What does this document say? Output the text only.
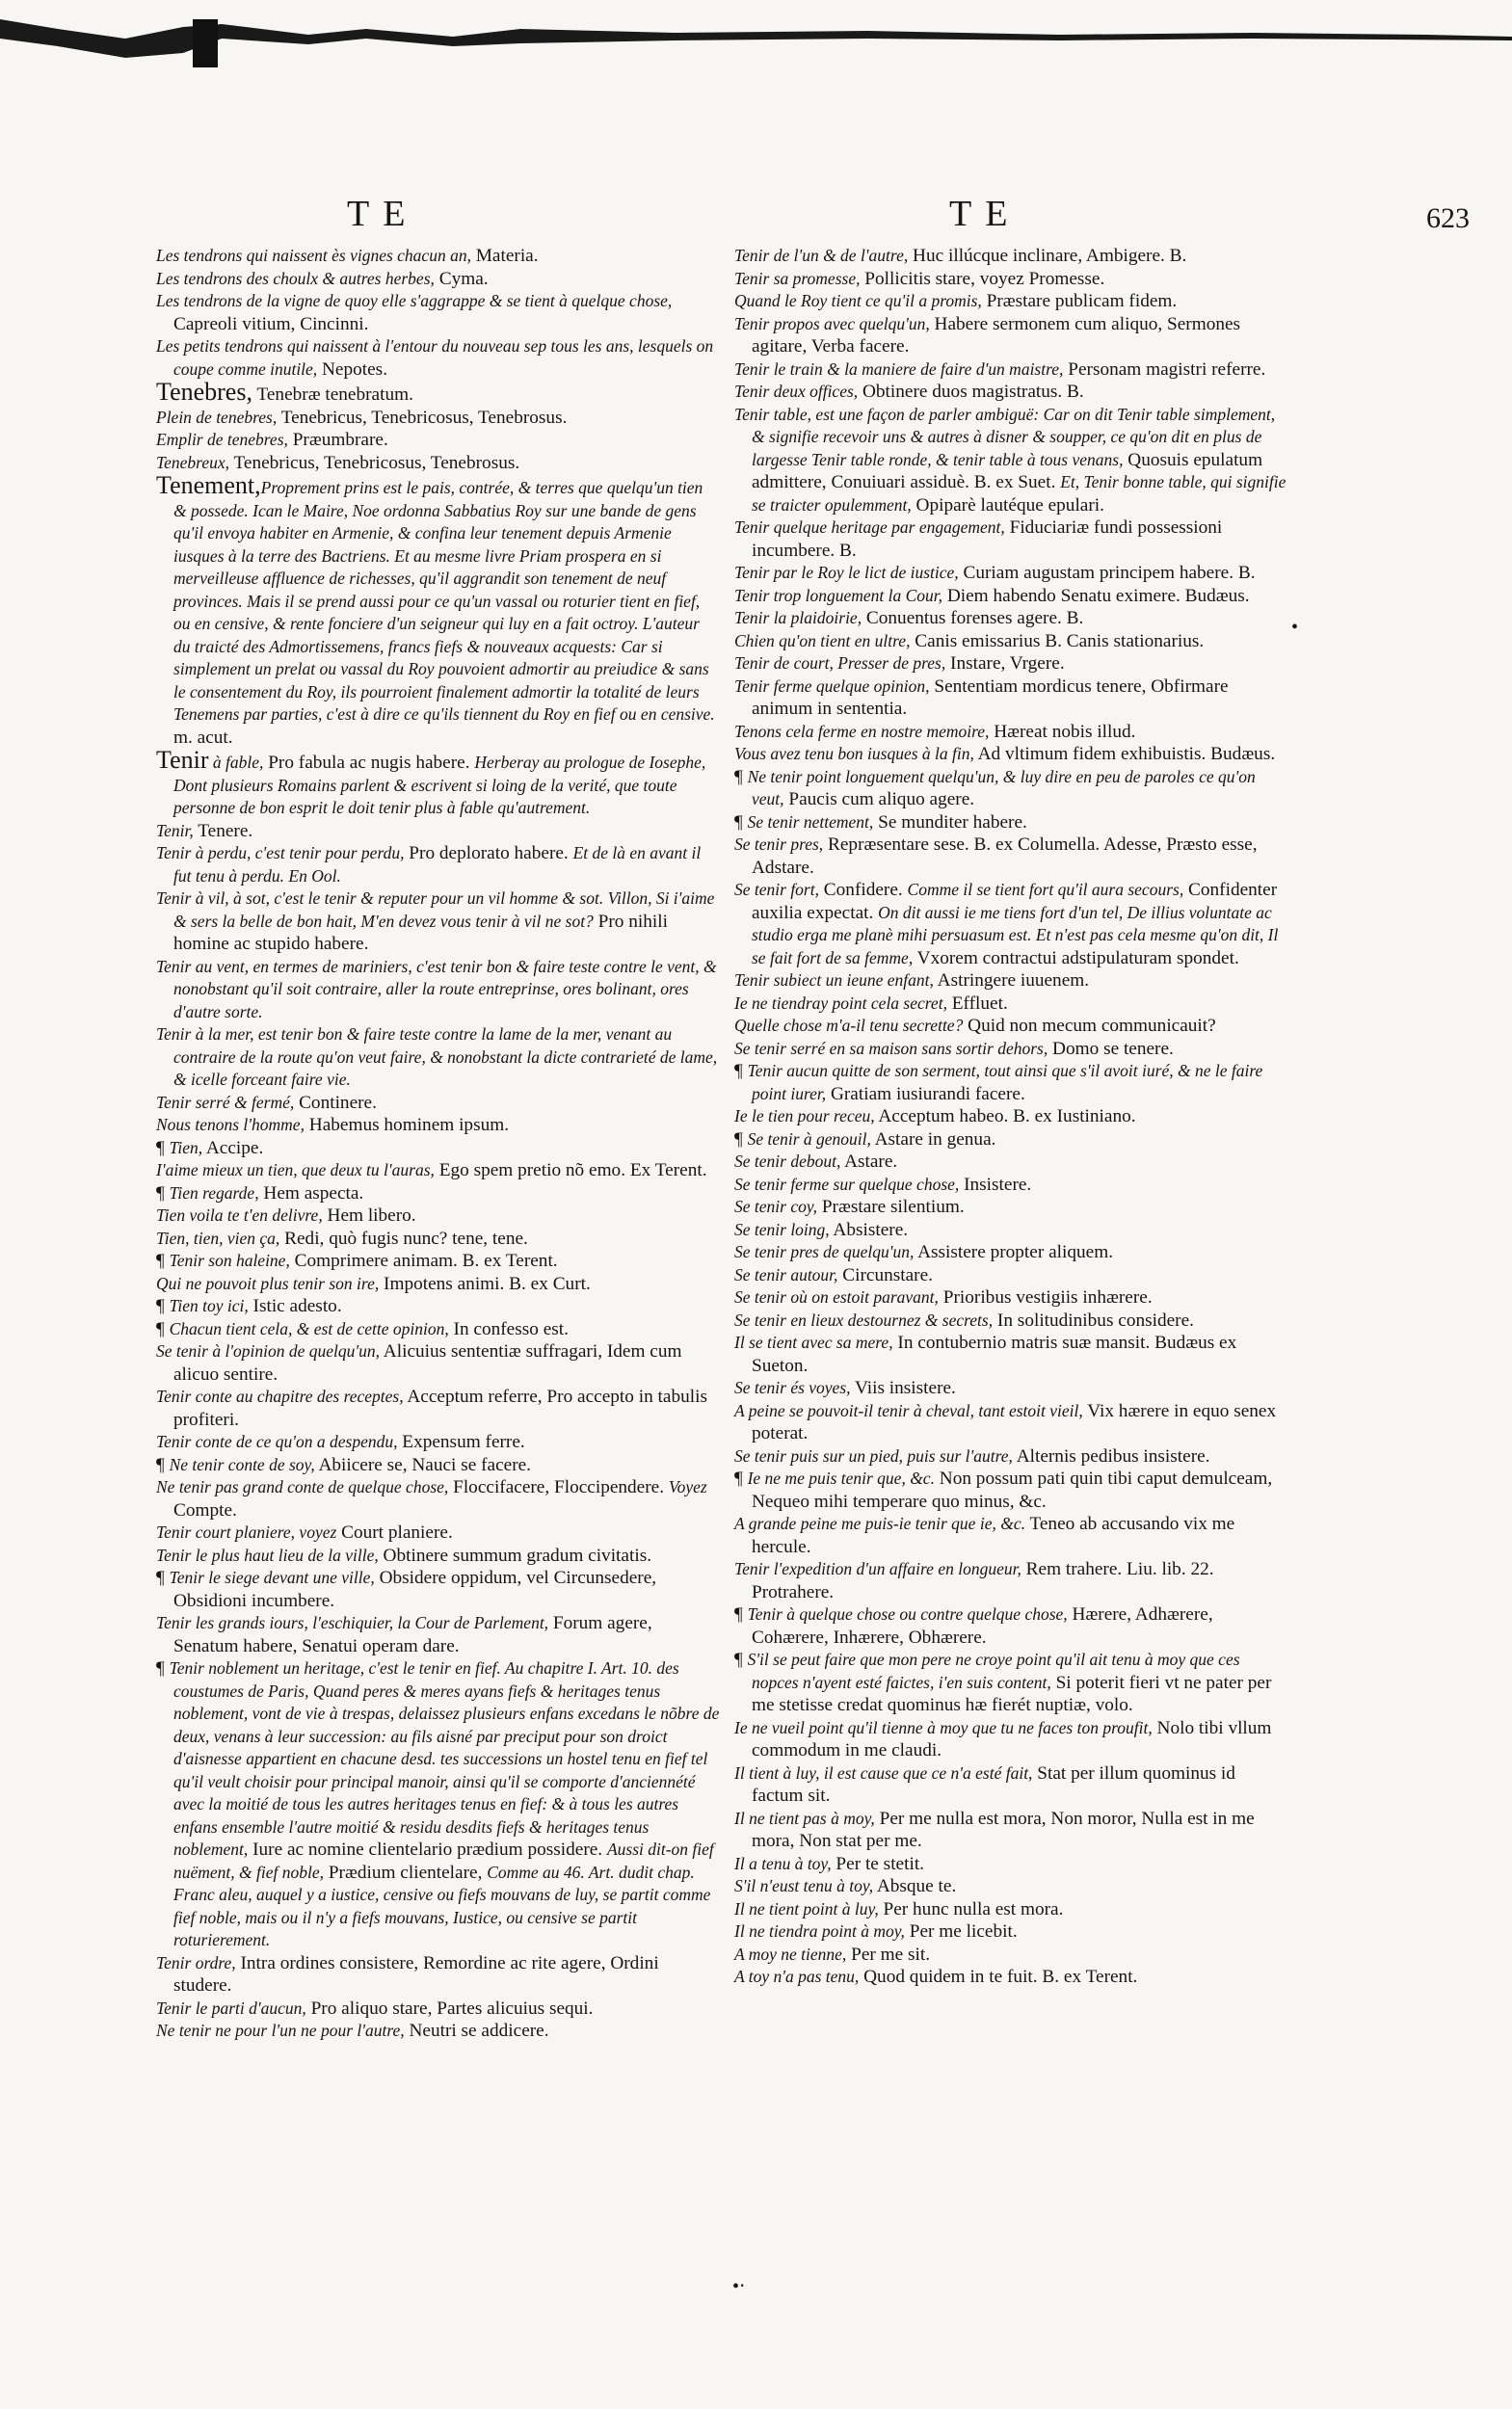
TE	TE	623

Les tendrons qui naissent ès vignes chacun an, Materia.

Les tendrons des choulx & autres herbes, Cyma.

Les tendrons de la vigne de quoy elle s'aggrappe & se tient à quelque chose, Capreoli vitium, Cincinni.

Les petits tendrons qui naissent à l'entour du nouveau sep tous les ans, lesquels on coupe comme inutile, Nepotes.

Tenebres, Tenebræ tenebratum.

Plein de tenebres, Tenebricus, Tenebricosus, Tenebrosus.

Emplir de tenebres, Præumbrare.

Tenebreux, Tenebricus, Tenebricosus, Tenebrosus.

Tenement,Proprement prins est le pais, contrée, & terres que quelqu'un tien & possede. Ican le Maire, Noe ordonna Sabbatius Roy sur une bande de gens qu'il envoya habiter en Armenie, & confina leur tenement depuis Armenie iusques à la terre des Bactriens. Et au mesme livre Priam prospera en si merveilleuse affluence de richesses, qu'il aggrandit son tenement de neuf provinces. Mais il se prend aussi pour ce qu'un vassal ou roturier tient en fief, ou en censive, & rente fonciere d'un seigneur qui luy en a fait octroy. L'auteur du traicté des Admortissemens, francs fiefs & nouveaux acquests: Car si simplement un prelat ou vassal du Roy pouvoient admortir au preiudice & sans le consentement du Roy, ils pourroient finalement admortir la totalité de leurs Tenemens par parties, c'est à dire ce qu'ils tiennent du Roy en fief ou en censive. m. acut.

Tenir à fable, Pro fabula ac nugis habere. Herberay au prologue de Iosephe, Dont plusieurs Romains parlent & escrivent si loing de la verité, que toute personne de bon esprit le doit tenir plus à fable qu'autrement.

Tenir, Tenere.

Tenir à perdu, c'est tenir pour perdu, Pro deplorato habere. Et de là en avant il fut tenu à perdu. En Ool.

Tenir à vil, à sot, c'est le tenir & reputer pour un vil homme & sot. Villon, Si i'aime & sers la belle de bon hait, M'en devez vous tenir à vil ne sot? Pro nihili homine ac stupido habere.

Tenir au vent, en termes de mariniers, c'est tenir bon & faire teste contre le vent, & nonobstant qu'il soit contraire, aller la route entreprinse, ores bolinant, ores d'autre sorte.

Tenir à la mer, est tenir bon & faire teste contre la lame de la mer, venant au contraire de la route qu'on veut faire, & nonobstant la dicte contrarieté de lame, & icelle forceant faire vie.

Tenir serré & fermé, Continere.

Nous tenons l'homme, Habemus hominem ipsum.

¶ Tien, Accipe.

I'aime mieux un tien, que deux tu l'auras, Ego spem pretio nõ emo. Ex Terent.

¶ Tien regarde, Hem aspecta.

Tien voila te t'en delivre, Hem libero.

Tien, tien, vien ça, Redi, quò fugis nunc? tene, tene.

¶ Tenir son haleine, Comprimere animam. B. ex Terent.

Qui ne pouvoit plus tenir son ire, Impotens animi. B. ex Curt.

¶ Tien toy ici, Istic adesto.

¶ Chacun tient cela, & est de cette opinion, In confesso est.

Se tenir à l'opinion de quelqu'un, Alicuius sententiæ suffragari, Idem cum alicuo sentire.

Tenir conte au chapitre des receptes, Acceptum referre, Pro accepto in tabulis profiteri.

Tenir conte de ce qu'on a despendu, Expensum ferre.

¶ Ne tenir conte de soy, Abiicere se, Nauci se facere.

Ne tenir pas grand conte de quelque chose, Floccifacere, Floccipendere. Voyez Compte.

Tenir court planiere, voyez Court planiere.

Tenir le plus haut lieu de la ville, Obtinere summum gradum civitatis.

¶ Tenir le siege devant une ville, Obsidere oppidum, vel Circunsedere, Obsidioni incumbere.

Tenir les grands iours, l'eschiquier, la Cour de Parlement, Forum agere, Senatum habere, Senatui operam dare.

¶ Tenir noblement un heritage, c'est le tenir en fief. Au chapitre I. Art. 10. des coustumes de Paris, Quand peres & meres ayans fiefs & heritages tenus noblement, vont de vie à trespas, delaissez plusieurs enfans excedans le nõbre de deux, venans à leur succession: au fils aisné par preciput pour son droict d'aisnesse appartient en chacune desd. tes successions un hostel tenu en fief tel qu'il veult choisir pour principal manoir, ainsi qu'il se comporte d'anciennété avec la moitié de tous les autres heritages tenus en fief: & à tous les autres enfans ensemble l'autre moitié & residu desdits fiefs & heritages tenus noblement, Iure ac nomine clientelario prædium possidere. Aussi dit-on fief nuëment, & fief noble, Prædium clientelare, Comme au 46. Art. dudit chap. Franc aleu, auquel y a iustice, censive ou fiefs mouvans de luy, se partit comme fief noble, mais ou il n'y a fiefs mouvans, Iustice, ou censive se partit roturierement.

Tenir ordre, Intra ordines consistere, Remordine ac rite agere, Ordini studere.

Tenir le parti d'aucun, Pro aliquo stare, Partes alicuius sequi.

Ne tenir ne pour l'un ne pour l'autre, Neutri se addicere.

Tenir de l'un & de l'autre, Huc illúcque inclinare, Ambigere. B.

Tenir sa promesse, Pollicitis stare, voyez Promesse.

Quand le Roy tient ce qu'il a promis, Præstare publicam fidem.

Tenir propos avec quelqu'un, Habere sermonem cum aliquo, Sermones agitare, Verba facere.

Tenir le train & la maniere de faire d'un maistre, Personam magistri referre.

Tenir deux offices, Obtinere duos magistratus. B.

Tenir table, est une façon de parler ambiguë: Car on dit Tenir table simplement, & signifie recevoir uns & autres à disner & soupper, ce qu'on dit en plus de largesse Tenir table ronde, & tenir table à tous venans, Quosuis epulatum admittere, Conuiuari assiduè. B. ex Suet. Et, Tenir bonne table, qui signifie se traicter opulemment, Opiparè lautéque epulari.

Tenir quelque heritage par engagement, Fiduciariæ fundi possessioni incumbere. B.

Tenir par le Roy le lict de iustice, Curiam augustam principem habere. B.

Tenir trop longuement la Cour, Diem habendo Senatu eximere. Budæus.

Tenir la plaidoirie, Conuentus forenses agere. B.

Chien qu'on tient en ultre, Canis emissarius B. Canis stationarius.

Tenir de court, Presser de pres, Instare, Vrgere.

Tenir ferme quelque opinion, Sententiam mordicus tenere, Obfirmare animum in sententia.

Tenons cela ferme en nostre memoire, Hæreat nobis illud.

Vous avez tenu bon iusques à la fin, Ad vltimum fidem exhibuistis. Budæus.

¶ Ne tenir point longuement quelqu'un, & luy dire en peu de paroles ce qu'on veut, Paucis cum aliquo agere.

¶ Se tenir nettement, Se munditer habere.

Se tenir pres, Repræsentare sese. B. ex Columella. Adesse, Præsto esse, Adstare.

Se tenir fort, Confidere. Comme il se tient fort qu'il aura secours, Confidenter auxilia expectat. On dit aussi ie me tiens fort d'un tel, De illius voluntate ac studio erga me planè mihi persuasum est. Et n'est pas cela mesme qu'on dit, Il se fait fort de sa femme, Vxorem contractui adstipulaturam spondet.

Tenir subiect un ieune enfant, Astringere iuuenem.

Ie ne tiendray point cela secret, Effluet.

Quelle chose m'a-il tenu secrette? Quid non mecum communicauit?

Se tenir serré en sa maison sans sortir dehors, Domo se tenere.

¶ Tenir aucun quitte de son serment, tout ainsi que s'il avoit iuré, & ne le faire point iurer, Gratiam iusiurandi facere.

Ie le tien pour receu, Acceptum habeo. B. ex Iustiniano.

¶ Se tenir à genouil, Astare in genua.

Se tenir debout, Astare.

Se tenir ferme sur quelque chose, Insistere.

Se tenir coy, Præstare silentium.

Se tenir loing, Absistere.

Se tenir pres de quelqu'un, Assistere propter aliquem.

Se tenir autour, Circunstare.

Se tenir où on estoit paravant, Prioribus vestigiis inhærere.

Se tenir en lieux destournez & secrets, In solitudinibus considere.

Il se tient avec sa mere, In contubernio matris suæ mansit. Budæus ex Sueton.

Se tenir és voyes, Viis insistere.

A peine se pouvoit-il tenir à cheval, tant estoit vieil, Vix hærere in equo senex poterat.

Se tenir puis sur un pied, puis sur l'autre, Alternis pedibus insistere.

¶ Ie ne me puis tenir que, &c. Non possum pati quin tibi caput demulceam, Nequeo mihi temperare quo minus, &c.

A grande peine me puis-ie tenir que ie, &c. Teneo ab accusando vix me hercule.

Tenir l'expedition d'un affaire en longueur, Rem trahere. Liu. lib. 22. Protrahere.

¶ Tenir à quelque chose ou contre quelque chose, Hærere, Adhærere, Cohærere, Inhærere, Obhærere.

¶ S'il se peut faire que mon pere ne croye point qu'il ait tenu à moy que ces nopces n'ayent esté faictes, i'en suis content, Si poterit fieri vt ne pater per me stetisse credat quominus hæ fierét nuptiæ, volo.

Ie ne vueil point qu'il tienne à moy que tu ne faces ton proufit, Nolo tibi vllum commodum in me claudi.

Il tient à luy, il est cause que ce n'a esté fait, Stat per illum quominus id factum sit.

Il ne tient pas à moy, Per me nulla est mora, Non moror, Nulla est in me mora, Non stat per me.

Il a tenu à toy, Per te stetit.

S'il n'eust tenu à toy, Absque te.

Il ne tient point à luy, Per hunc nulla est mora.

Il ne tiendra point à moy, Per me licebit.

A moy ne tienne, Per me sit.

A toy n'a pas tenu, Quod quidem in te fuit. B. ex Terent.

•‧
•
